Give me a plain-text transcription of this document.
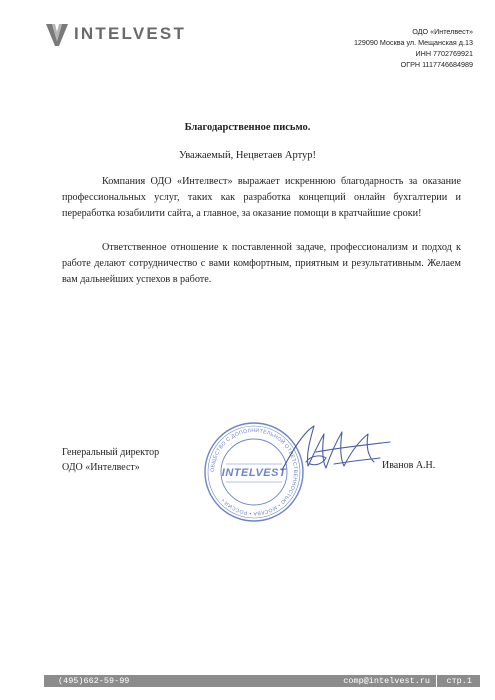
INTELVEST	ОДО «Интелвест»
129090 Москва ул. Мещанская д.13
ИНН 7702769921
ОГРН 1117746684989
Благодарственное письмо.
Уважаемый, Нецветаев Артур!

Компания ОДО «Интелвест» выражает искреннюю благодарность за оказание профессиональных услуг, таких как разработка концепций онлайн бухгалтерии и переработка юзабилити сайта, а главное, за оказание помощи в кратчайшие сроки!

Ответственное отношение к поставленной задаче, профессионализм и подход к работе делают сотрудничество с вами комфортным, приятным и результативным. Желаем вам дальнейших успехов в работе.

Генеральный директор
ОДО «Интелвест»	ОБЩЕСТВО С ДОПОЛНИТЕЛЬНОЙ ОТВЕТСТВЕННОСТЬЮ • МОСКВА • РОССИЯ •
INTELVEST
Иванов А.Н.
(495)662-59-99	comp@intelvest.ru стр.1
